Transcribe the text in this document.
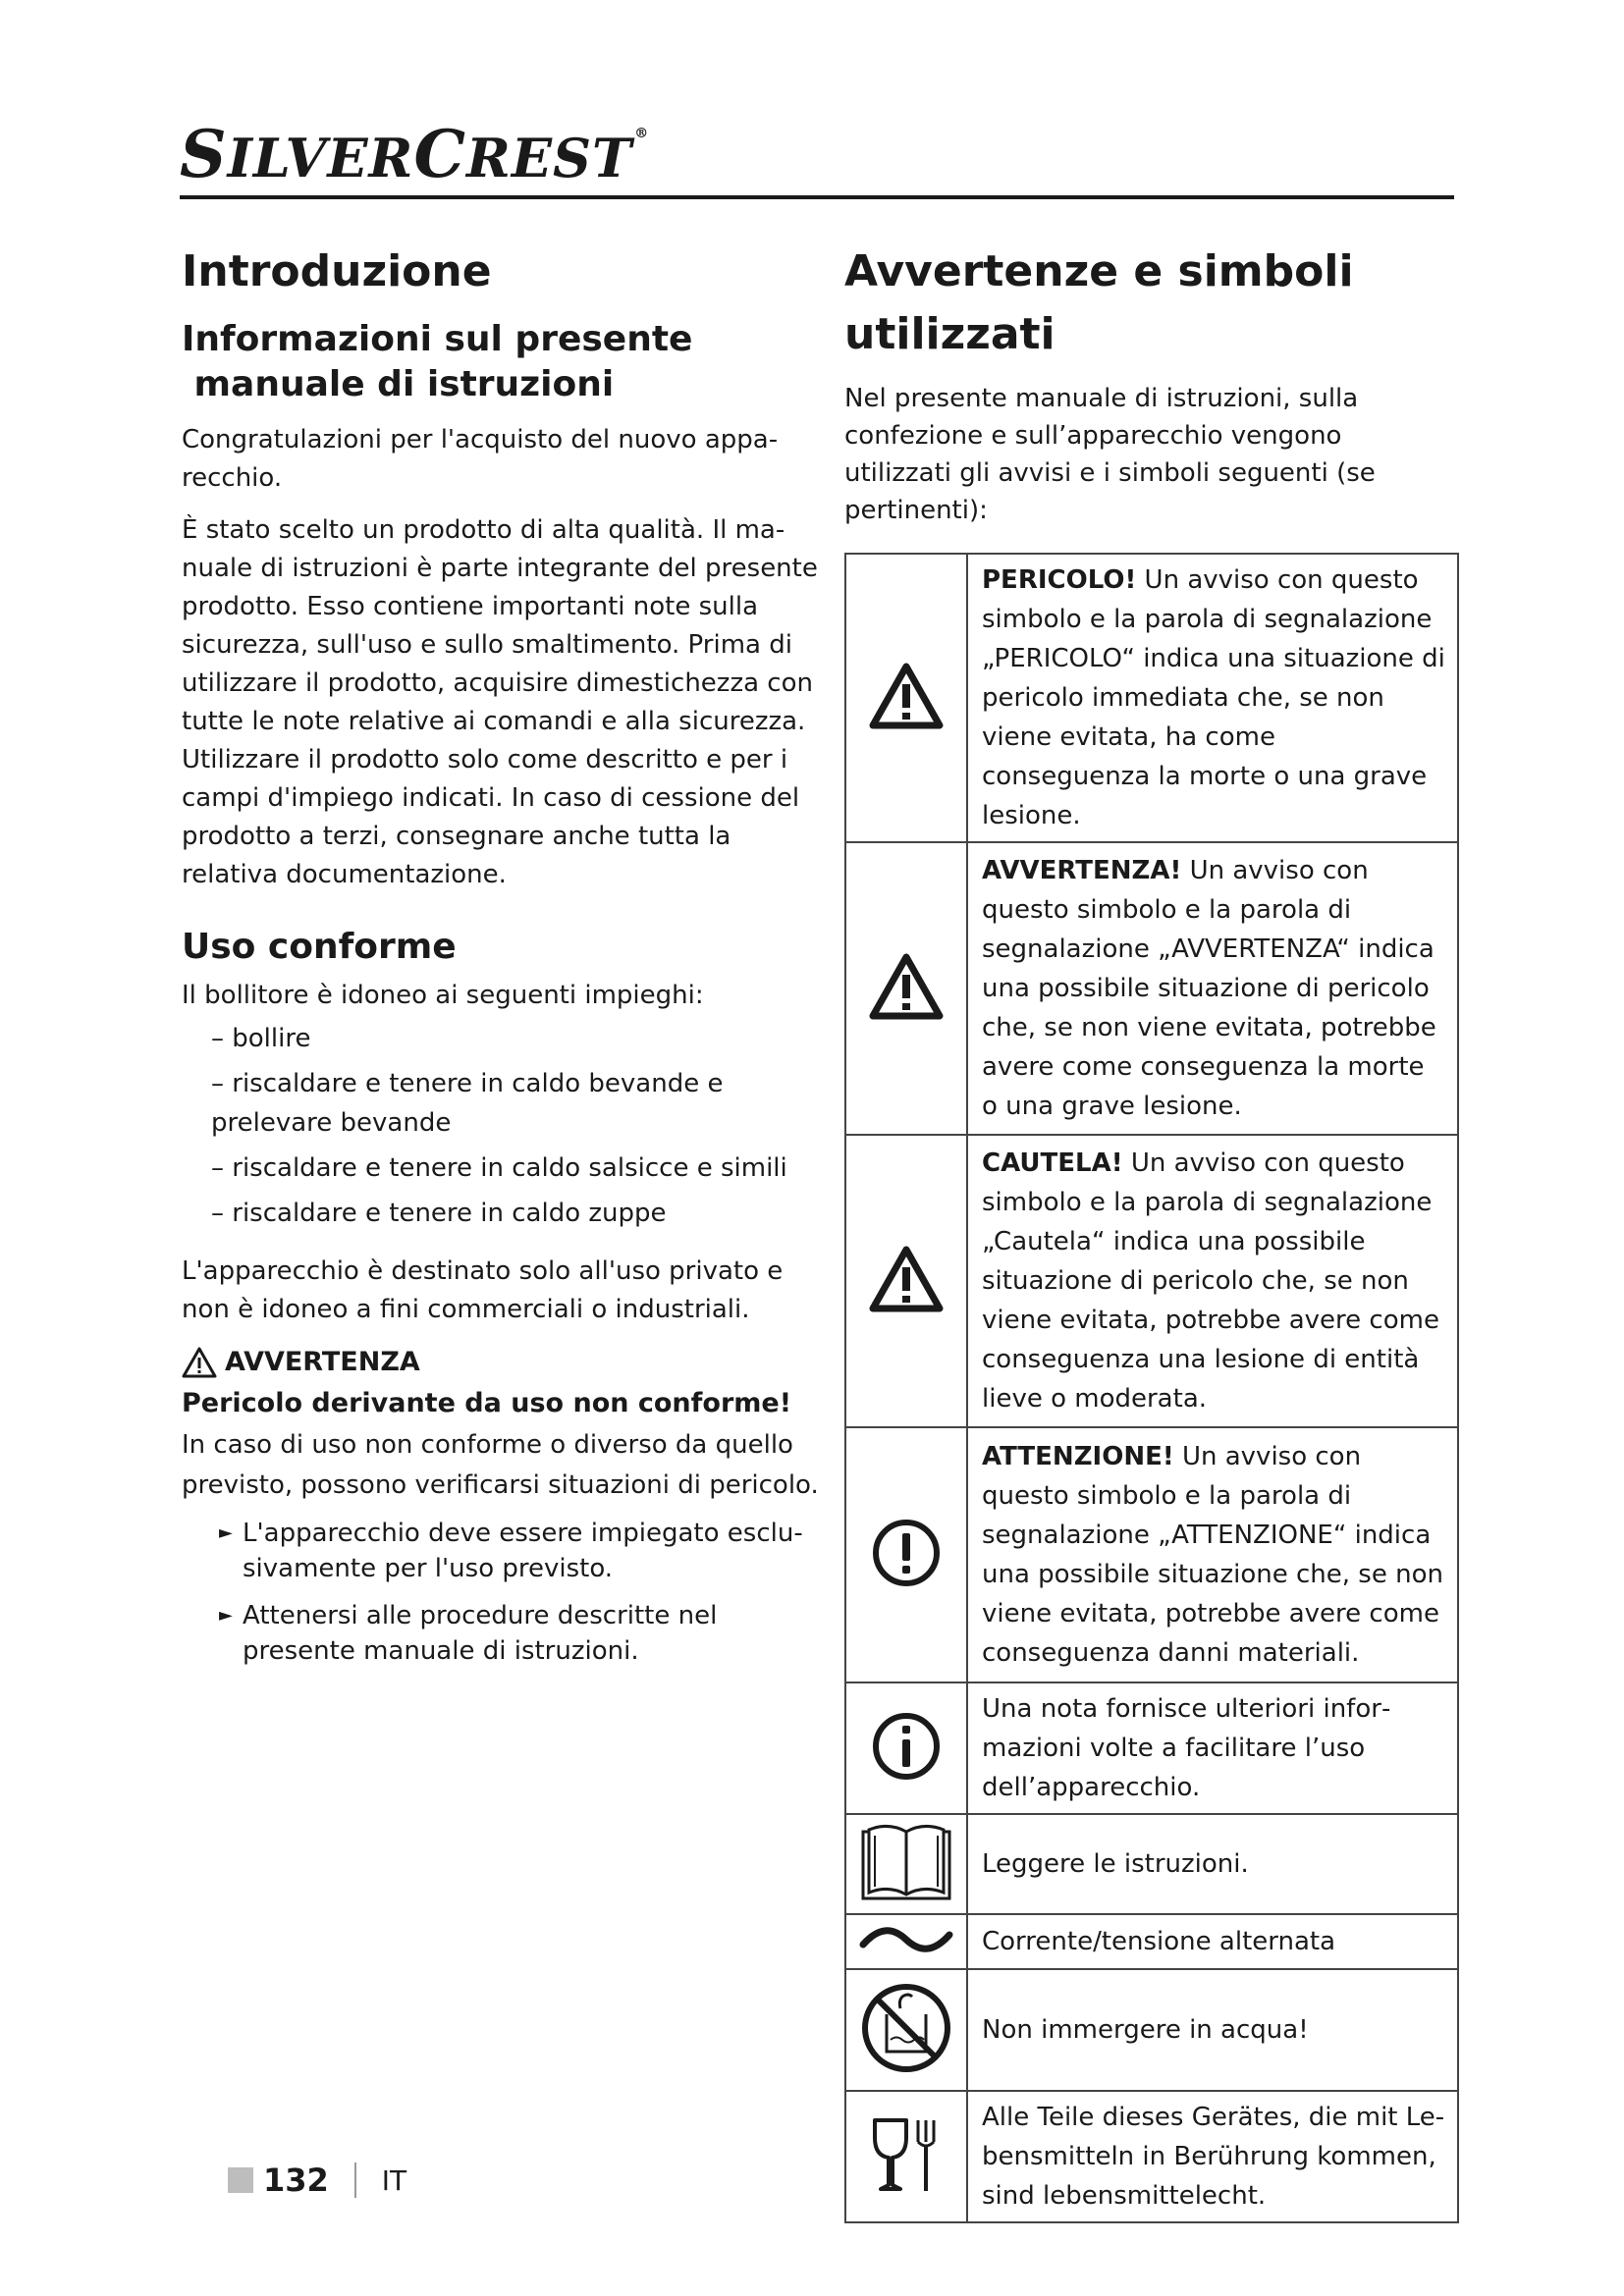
SILVERCREST ®
Introduzione
Informazioni sul presente
manuale di istruzioni

Congratulazioni per l'acquisto del nuovo apparecchio.

È stato scelto un prodotto di alta qualità. Il manuale di istruzioni è parte integrante del presente prodotto. Esso contiene importanti note sulla sicurezza, sull'uso e sullo smaltimento. Prima di utilizzare il prodotto, acquisire dimestichezza con tutte le note relative ai comandi e alla sicurezza. Utilizzare il prodotto solo come descritto e per i campi d'impiego indicati. In caso di cessione del prodotto a terzi, consegnare anche tutta la relativa documentazione.

Uso conforme

Il bollitore è idoneo ai seguenti impieghi:

– bollire
– riscaldare e tenere in caldo bevande e prelevare bevande
– riscaldare e tenere in caldo salsicce e simili
– riscaldare e tenere in caldo zuppe

L'apparecchio è destinato solo all'uso privato e non è idoneo a fini commerciali o industriali.

AVVERTENZA
Pericolo derivante da uso non conforme!

In caso di uso non conforme o diverso da quello previsto, possono verificarsi situazioni di pericolo.

► L'apparecchio deve essere impiegato esclusivamente per l'uso previsto.
► Attenersi alle procedure descritte nel presente manuale di istruzioni.
Avvertenze e simboli utilizzati

Nel presente manuale di istruzioni, sulla confezione e sull’apparecchio vengono utilizzati gli avvisi e i simboli seguenti (se pertinenti):

	PERICOLO! Un avviso con questo simbolo e la parola di segnalazione „PERICOLO“ indica una situazione di pericolo immediata che, se non viene evitata, ha come conseguenza la morte o una grave lesione.
	AVVERTENZA! Un avviso con questo simbolo e la parola di segnalazione „AVVERTENZA“ indica una possibile situazione di pericolo che, se non viene evitata, potrebbe avere come conseguenza la morte o una grave lesione.
	CAUTELA! Un avviso con questo simbolo e la parola di segnalazione „Cautela“ indica una possibile situazione di pericolo che, se non viene evitata, potrebbe avere come conseguenza una lesione di entità lieve o moderata.
	ATTENZIONE! Un avviso con questo simbolo e la parola di segnalazione „ATTENZIONE“ indica una possibile situazione che, se non viene evitata, potrebbe avere come conseguenza danni materiali.
	Una nota fornisce ulteriori informazioni volte a facilitare l’uso dell’apparecchio.
	Leggere le istruzioni.
	Corrente/tensione alternata
	Non immergere in acqua!
	Alle Teile dieses Gerätes, die mit Lebensmitteln in Berührung kommen, sind lebensmittelecht.
132 IT
